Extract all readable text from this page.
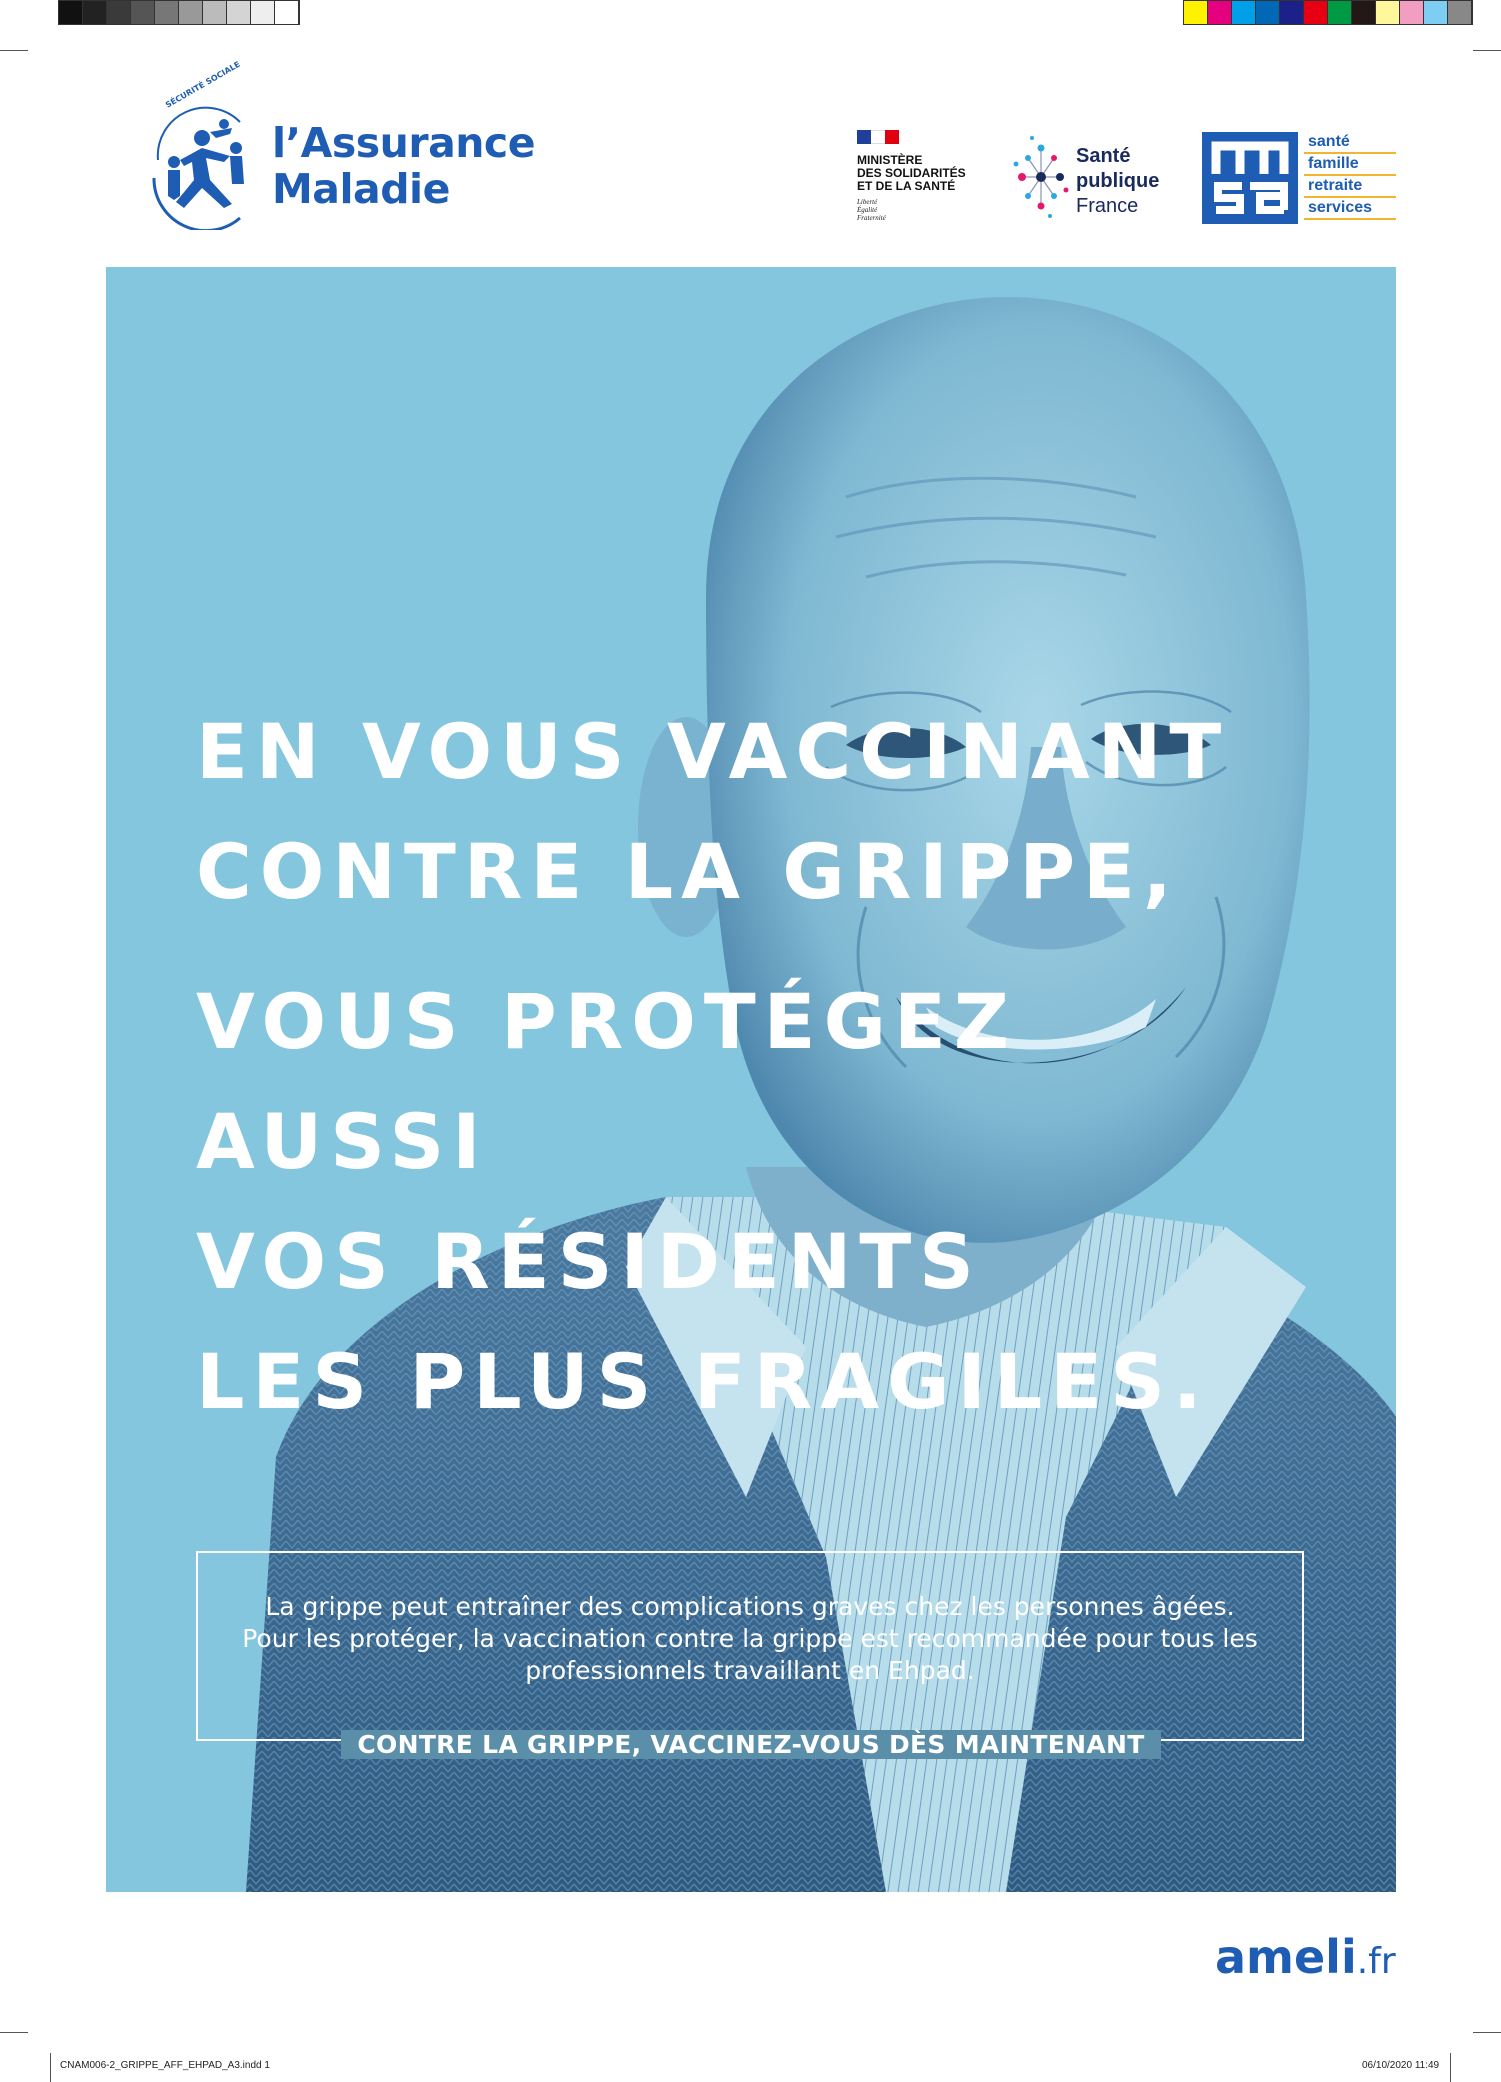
SÉCURITÉ SOCIALE
l’Assurance
Maladie
MINISTÈRE
DES SOLIDARITÉS
ET DE LA SANTÉ
Liberté
Égalité
Fraternité
Santé
publique
France
santé
famille
retraite
services
EN VOUS VACCINANT
CONTRE LA GRIPPE,
VOUS PROTÉGEZ
AUSSI
VOS RÉSIDENTS
LES PLUS FRAGILES.
La grippe peut entraîner des complications graves chez les personnes âgées. Pour les protéger, la vaccination contre la grippe est recommandée pour tous les professionnels travaillant en Ehpad.
CONTRE LA GRIPPE, VACCINEZ-VOUS DÈS MAINTENANT
ameli.fr
CNAM006-2_GRIPPE_AFF_EHPAD_A3.indd 1	06/10/2020 11:49
